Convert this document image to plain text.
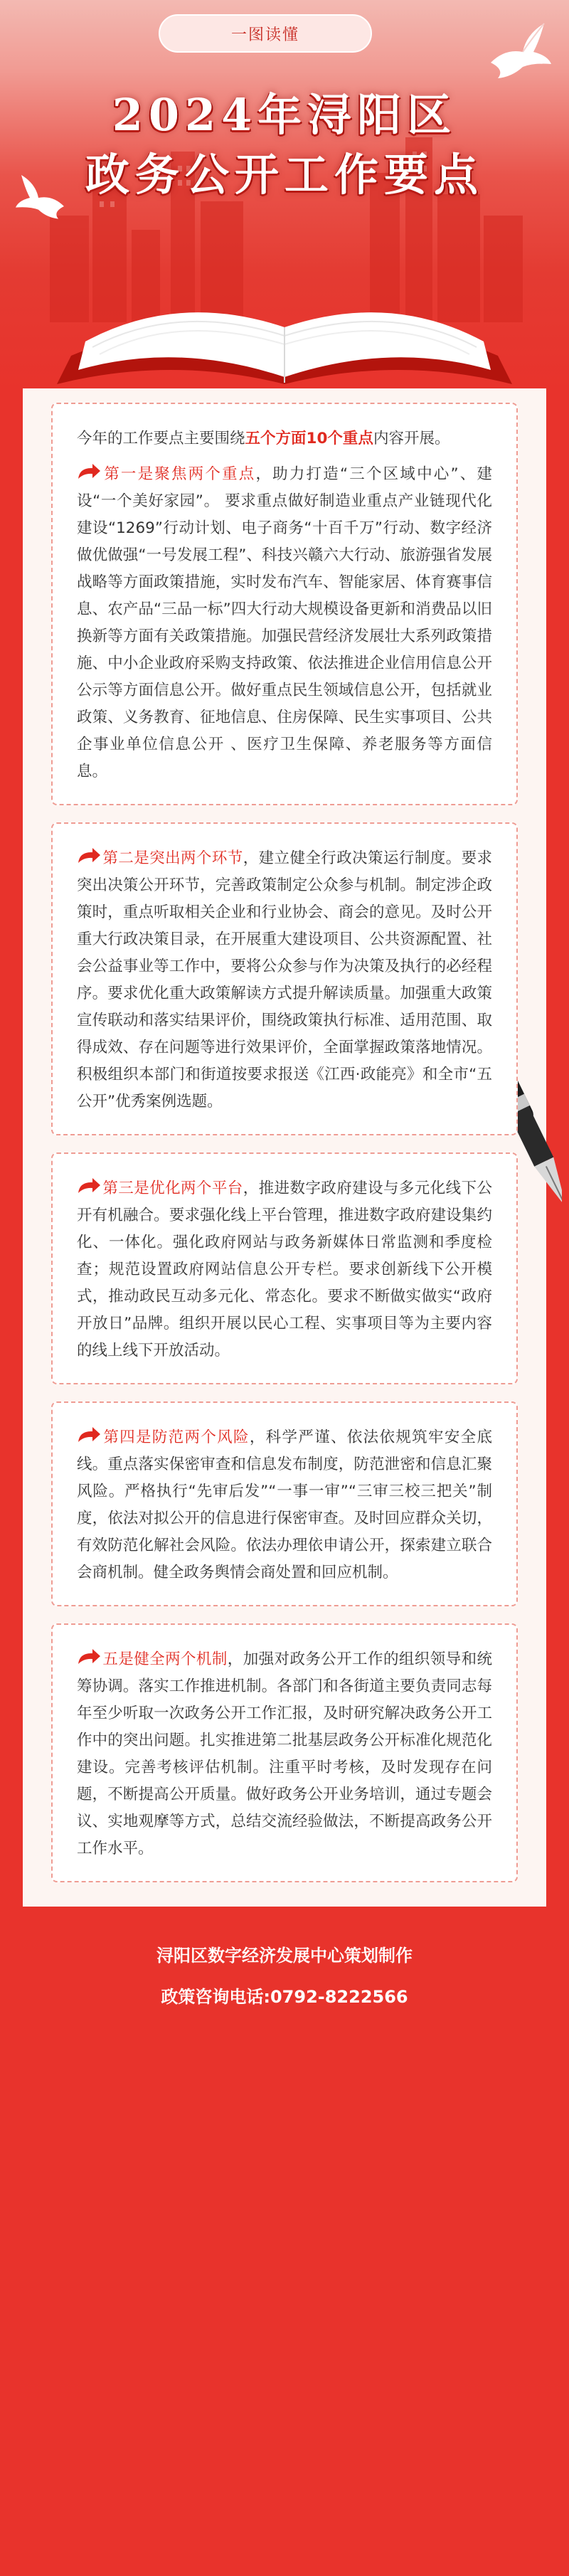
一图读懂
2024年浔阳区
政务公开工作要点

今年的工作要点主要围绕五个方面10个重点内容开展。

第一是聚焦两个重点，助力打造“三个区域中心”、建设“一个美好家园”。 要求重点做好制造业重点产业链现代化建设“1269”行动计划、电子商务“十百千万”行动、数字经济做优做强“一号发展工程”、科技兴赣六大行动、旅游强省发展战略等方面政策措施，实时发布汽车、智能家居、体育赛事信息、农产品“三品一标”四大行动大规模设备更新和消费品以旧换新等方面有关政策措施。加强民营经济发展壮大系列政策措施、中小企业政府采购支持政策、依法推进企业信用信息公开公示等方面信息公开。做好重点民生领域信息公开，包括就业政策、义务教育、征地信息、住房保障、民生实事项目、公共企事业单位信息公开 、医疗卫生保障、养老服务等方面信息。

第二是突出两个环节，建立健全行政决策运行制度。要求突出决策公开环节，完善政策制定公众参与机制。制定涉企政策时，重点听取相关企业和行业协会、商会的意见。及时公开重大行政决策目录，在开展重大建设项目、公共资源配置、社会公益事业等工作中，要将公众参与作为决策及执行的必经程序。要求优化重大政策解读方式提升解读质量。加强重大政策宣传联动和落实结果评价，围绕政策执行标准、适用范围、取得成效、存在问题等进行效果评价，全面掌握政策落地情况。积极组织本部门和街道按要求报送《江西·政能亮》和全市“五公开”优秀案例选题。

第三是优化两个平台，推进数字政府建设与多元化线下公开有机融合。要求强化线上平台管理，推进数字政府建设集约化、一体化。强化政府网站与政务新媒体日常监测和季度检查；规范设置政府网站信息公开专栏。要求创新线下公开模式，推动政民互动多元化、常态化。要求不断做实做实“政府开放日”品牌。组织开展以民心工程、实事项目等为主要内容的线上线下开放活动。

第四是防范两个风险，科学严谨、依法依规筑牢安全底线。重点落实保密审查和信息发布制度，防范泄密和信息汇聚风险。严格执行“先审后发”“一事一审”“三审三校三把关”制度，依法对拟公开的信息进行保密审查。及时回应群众关切，有效防范化解社会风险。依法办理依申请公开，探索建立联合会商机制。健全政务舆情会商处置和回应机制。

五是健全两个机制，加强对政务公开工作的组织领导和统筹协调。落实工作推进机制。各部门和各街道主要负责同志每年至少听取一次政务公开工作汇报，及时研究解决政务公开工作中的突出问题。扎实推进第二批基层政务公开标准化规范化建设。完善考核评估机制。注重平时考核，及时发现存在问题，不断提高公开质量。做好政务公开业务培训，通过专题会议、实地观摩等方式，总结交流经验做法，不断提高政务公开工作水平。

浔阳区数字经济发展中心策划制作
政策咨询电话:0792-8222566
